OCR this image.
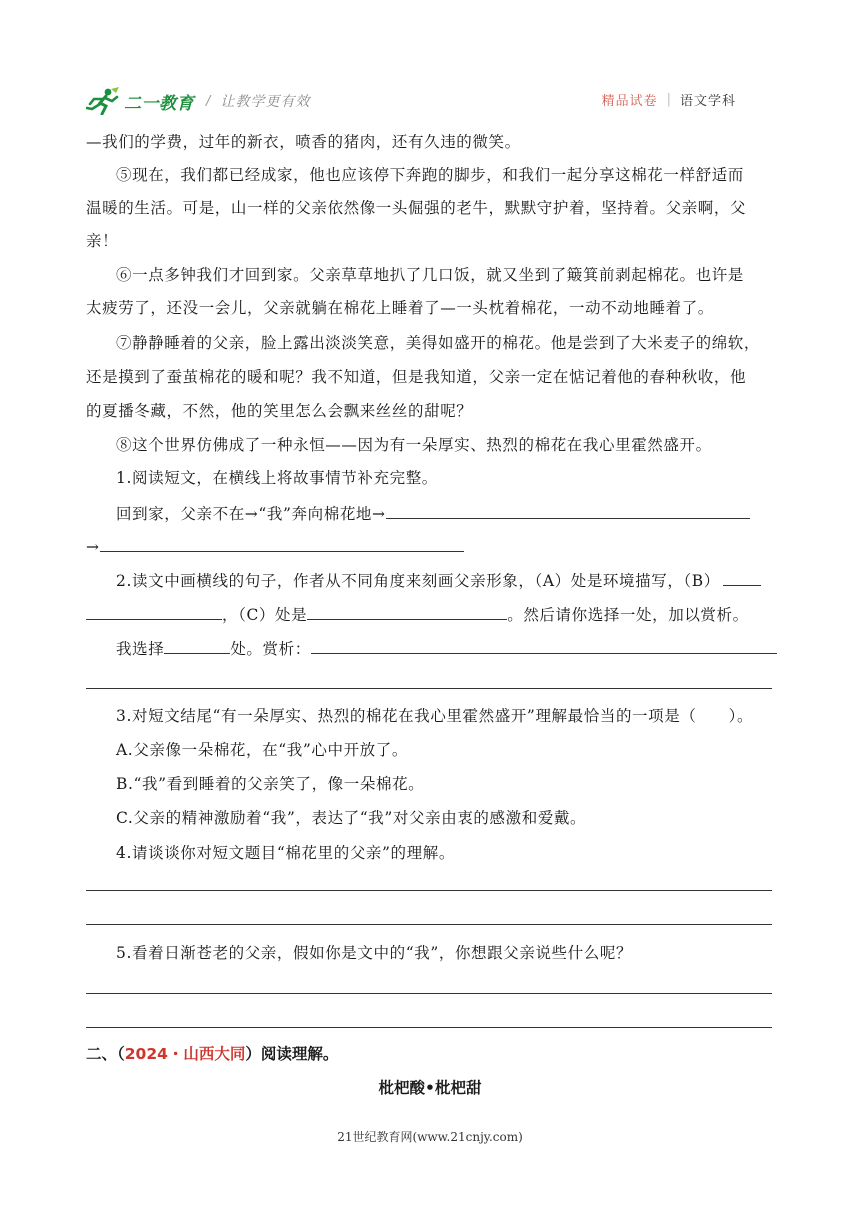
二一教育 / 让教学更有效	精品试卷 | 语文学科
—我们的学费，过年的新衣，喷香的猪肉，还有久违的微笑。
⑤现在，我们都已经成家，他也应该停下奔跑的脚步，和我们一起分享这棉花一样舒适而
温暖的生活。可是，山一样的父亲依然像一头倔强的老牛，默默守护着，坚持着。父亲啊，父
亲！
⑥一点多钟我们才回到家。父亲草草地扒了几口饭，就又坐到了簸箕前剥起棉花。也许是
太疲劳了，还没一会儿，父亲就躺在棉花上睡着了—一头枕着棉花，一动不动地睡着了。
⑦静静睡着的父亲，脸上露出淡淡笑意，美得如盛开的棉花。他是尝到了大米麦子的绵软，
还是摸到了蚕茧棉花的暖和呢？我不知道，但是我知道，父亲一定在惦记着他的春种秋收，他
的夏播冬藏，不然，他的笑里怎么会飘来丝丝的甜呢？
⑧这个世界仿佛成了一种永恒——因为有一朵厚实、热烈的棉花在我心里霍然盛开。
1.阅读短文，在横线上将故事情节补充完整。
回到家，父亲不在→“我”奔向棉花地→
→
2.读文中画横线的句子，作者从不同角度来刻画父亲形象，（A）处是环境描写，（B）
，（C）处是	。然后请你选择一处，加以赏析。
我选择	处。赏析：
3.对短文结尾“有一朵厚实、热烈的棉花在我心里霍然盛开”理解最恰当的一项是（　　）。
A.父亲像一朵棉花，在“我”心中开放了。
B.“我”看到睡着的父亲笑了，像一朵棉花。
C.父亲的精神激励着“我”，表达了“我”对父亲由衷的感激和爱戴。
4.请谈谈你对短文题目“棉花里的父亲”的理解。
5.看着日渐苍老的父亲，假如你是文中的“我”，你想跟父亲说些什么呢？
二、（2024・山西大同）阅读理解。
枇杷酸•枇杷甜
21世纪教育网(www.21cnjy.com)
